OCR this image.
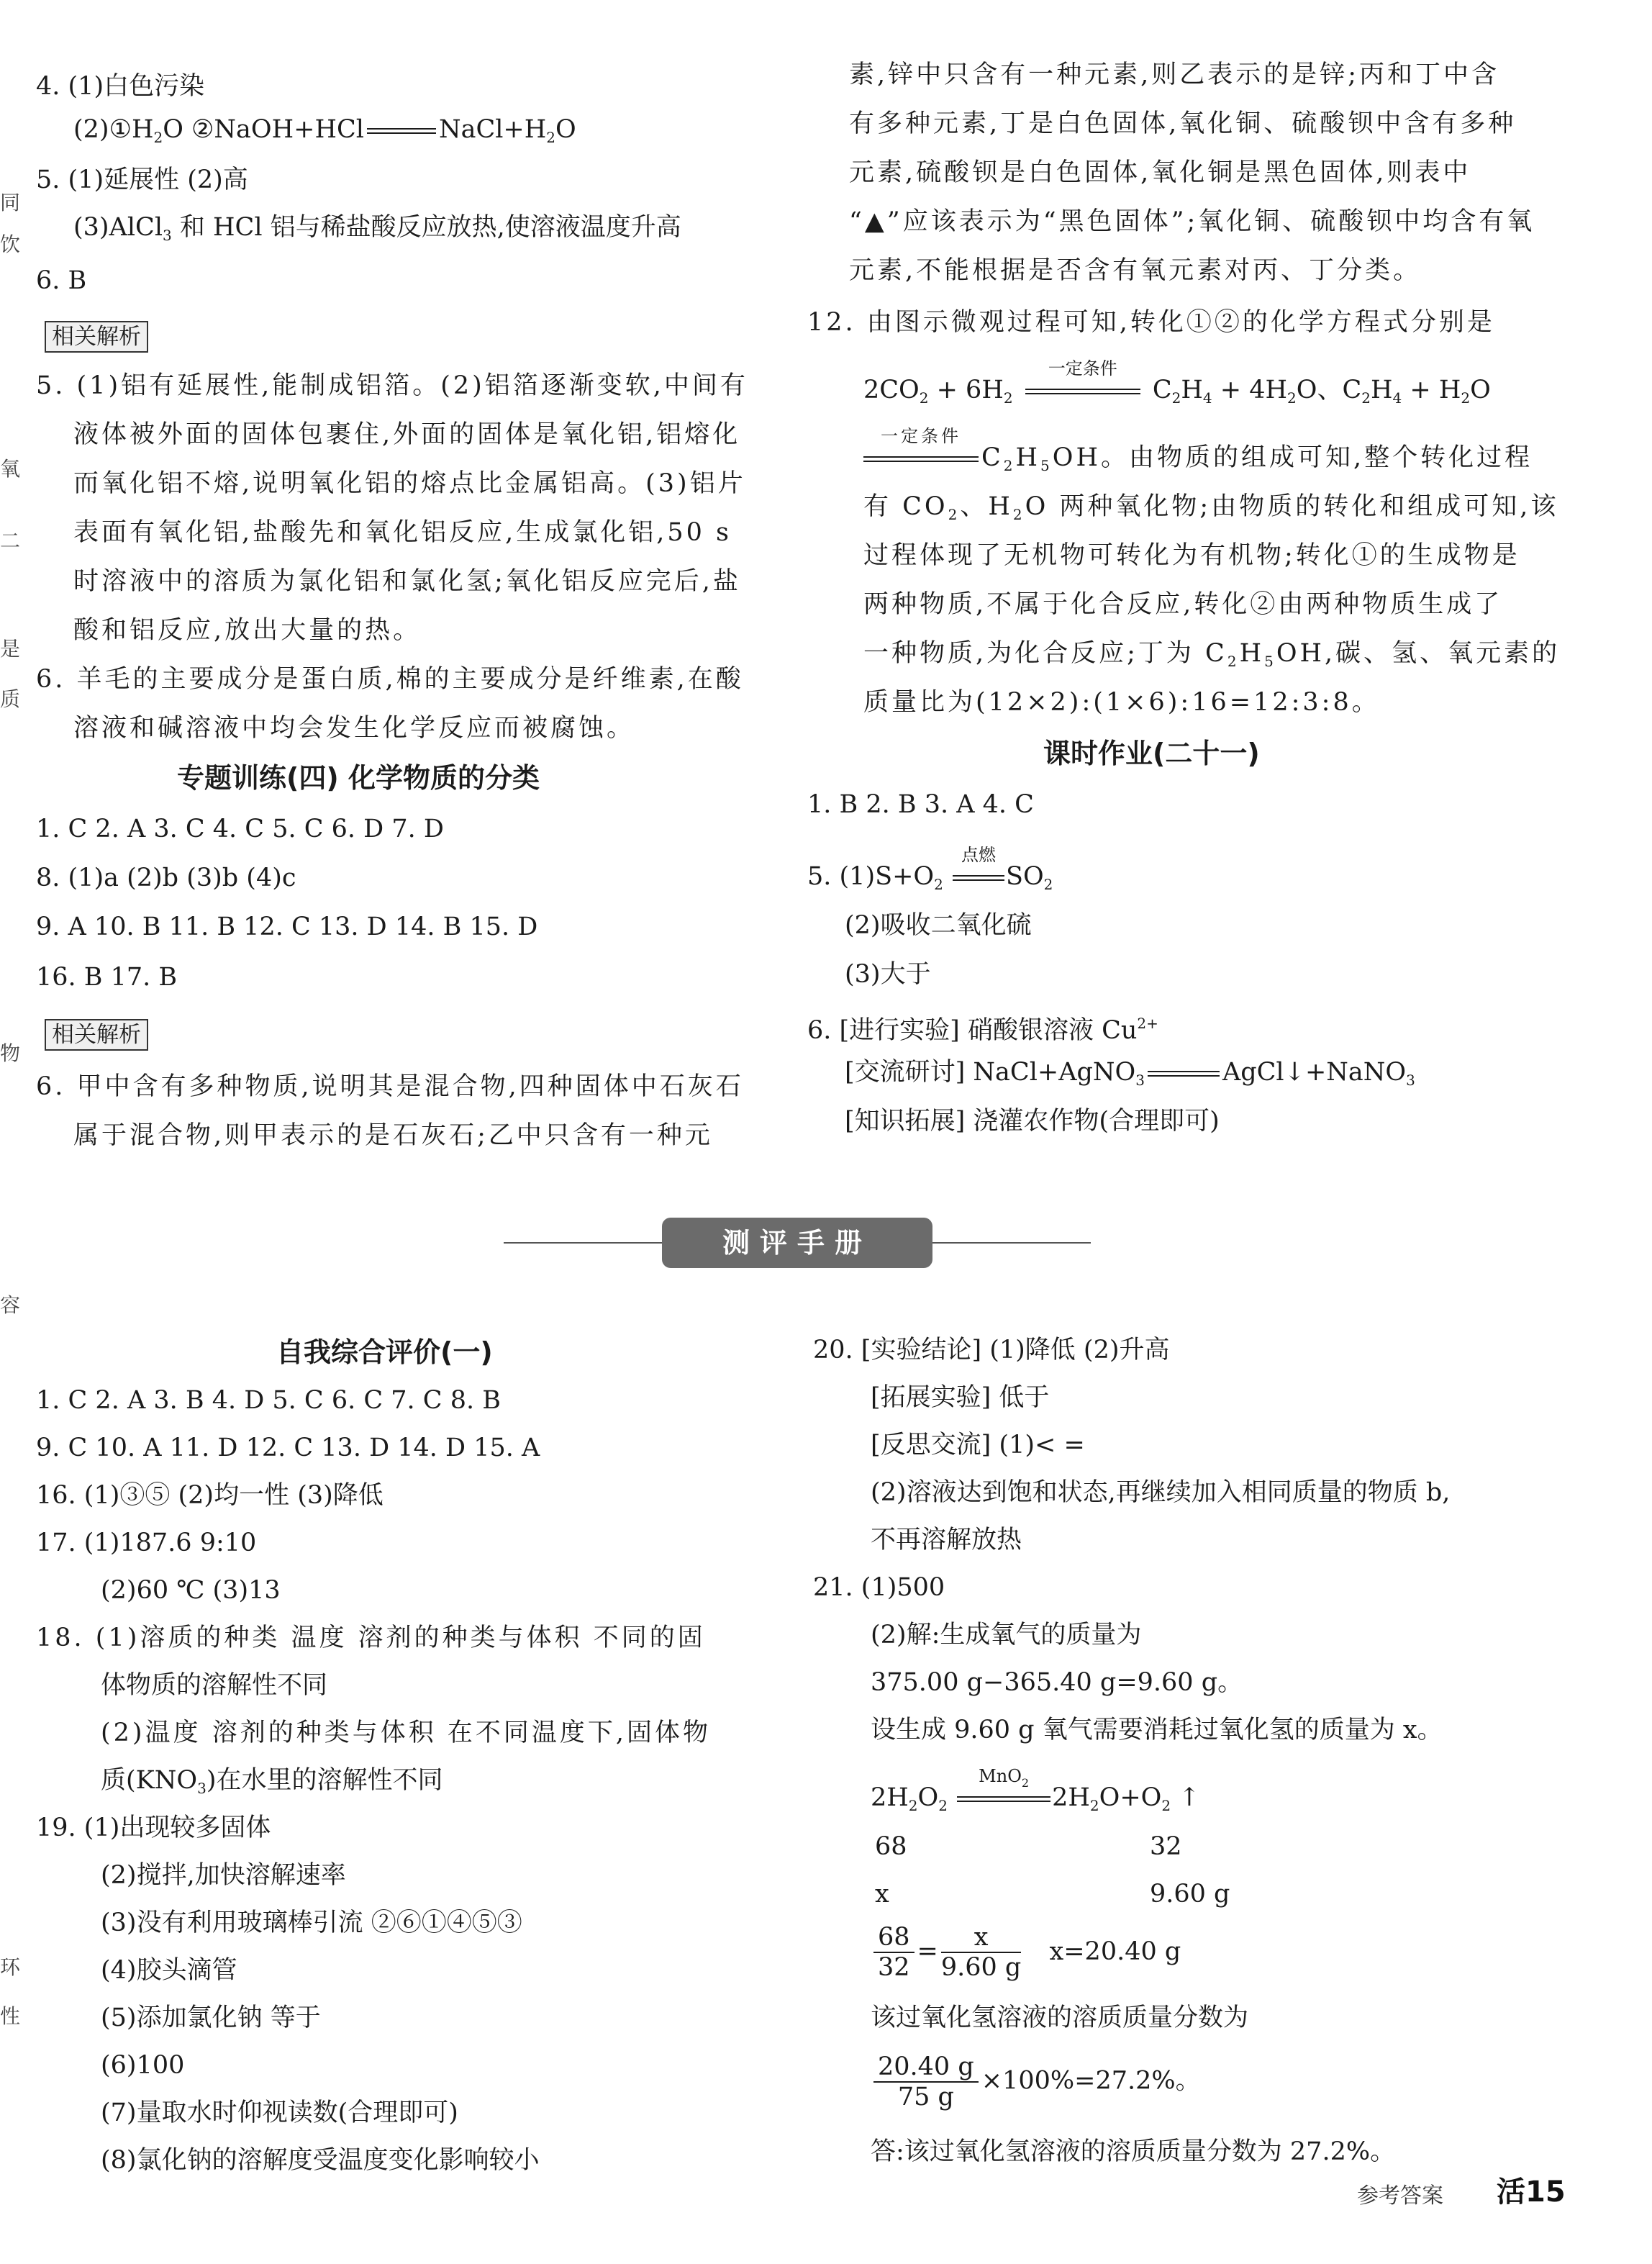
同
饮
氧
二
是
质
物
容
环
性
4. (1)白色污染
$(2)①H_2O$ ②NaOH+HCl	$NaCl+H_2O$
5. (1)延展性 (2)高
(3)AlCl$_3$ 和 HCl 铝与稀盐酸反应放热,使溶液温度升高
6. B
相关解析
5. (1)铝有延展性,能制成铝箔。(2)铝箔逐渐变软,中间有
液体被外面的固体包裹住,外面的固体是氧化铝,铝熔化
而氧化铝不熔,说明氧化铝的熔点比金属铝高。(3)铝片
表面有氧化铝,盐酸先和氧化铝反应,生成氯化铝,50 s
时溶液中的溶质为氯化铝和氯化氢;氧化铝反应完后,盐
酸和铝反应,放出大量的热。
6. 羊毛的主要成分是蛋白质,棉的主要成分是纤维素,在酸
溶液和碱溶液中均会发生化学反应而被腐蚀。
专题训练(四) 化学物质的分类
1. C 2. A 3. C 4. C 5. C 6. D 7. D
8. (1)a (2)b (3)b (4)c
9. A 10. B 11. B 12. C 13. D 14. B 15. D
16. B 17. B
相关解析
6. 甲中含有多种物质,说明其是混合物,四种固体中石灰石
属于混合物,则甲表示的是石灰石;乙中只含有一种元
素,锌中只含有一种元素,则乙表示的是锌;丙和丁中含
有多种元素,丁是白色固体,氧化铜、硫酸钡中含有多种
元素,硫酸钡是白色固体,氧化铜是黑色固体,则表中
“▲”应该表示为“黑色固体”;氧化铜、硫酸钡中均含有氧
元素,不能根据是否含有氧元素对丙、丁分类。
12. 由图示微观过程可知,转化①②的化学方程式分别是
$2CO_2 + 6H_2$
一定条件
$C_2H_4 + 4H_2O$、$C_2H_4 + H_2O$
一定条件
$C_2H_5OH$。由物质的组成可知,整个转化过程
有 $CO_2$、$H_2O$ 两种氧化物;由物质的转化和组成可知,该
过程体现了无机物可转化为有机物;转化①的生成物是
两种物质,不属于化合反应,转化②由两种物质生成了
一种物质,为化合反应;丁为 $C_2H_5OH$,碳、氢、氧元素的
质量比为(12×2):(1×6):16=12:3:8。
课时作业(二十一)
1. B 2. B 3. A 4. C
5. $(1)S+O_2$
点燃
$SO_2$
(2)吸收二氧化硫
(3)大于
6. [进行实验] 硝酸银溶液 $Cu^{2+}$
[交流研讨] NaCl+AgNO$_3$	AgCl↓+NaNO$_3$
[知识拓展] 浇灌农作物(合理即可)
测评手册
自我综合评价(一)
1. C 2. A 3. B 4. D 5. C 6. C 7. C 8. B
9. C 10. A 11. D 12. C 13. D 14. D 15. A
16. (1)③⑤ (2)均一性 (3)降低
17. (1)187.6 9:10
(2)60 ℃ (3)13
18. (1)溶质的种类 温度 溶剂的种类与体积 不同的固
体物质的溶解性不同
(2)温度 溶剂的种类与体积 在不同温度下,固体物
质$(KNO_3)$在水里的溶解性不同
19. (1)出现较多固体
(2)搅拌,加快溶解速率
(3)没有利用玻璃棒引流 ②⑥①④⑤③
(4)胶头滴管
(5)添加氯化钠 等于
(6)100
(7)量取水时仰视读数(合理即可)
(8)氯化钠的溶解度受温度变化影响较小
20. [实验结论] (1)降低 (2)升高
[拓展实验] 低于
[反思交流] (1)< =
(2)溶液达到饱和状态,再继续加入相同质量的物质 b,
不再溶解放热
21. (1)500
(2)解:生成氧气的质量为
375.00 g−365.40 g=9.60 g。
设生成 9.60 g 氧气需要消耗过氧化氢的质量为 x。
$2H_2O_2$
MnO$_2$
$2H_2O+O_2$ ↑
68	32
x	9.60 g
$\frac{68}{32} = \frac{x}{9.60 g} x=20.40$ g
该过氧化氢溶液的溶质质量分数为
$\frac{20.40 g}{75 g} \times 100\%=27.2\%$。
答:该过氧化氢溶液的溶质质量分数为 27.2%。
参考答案 活15
